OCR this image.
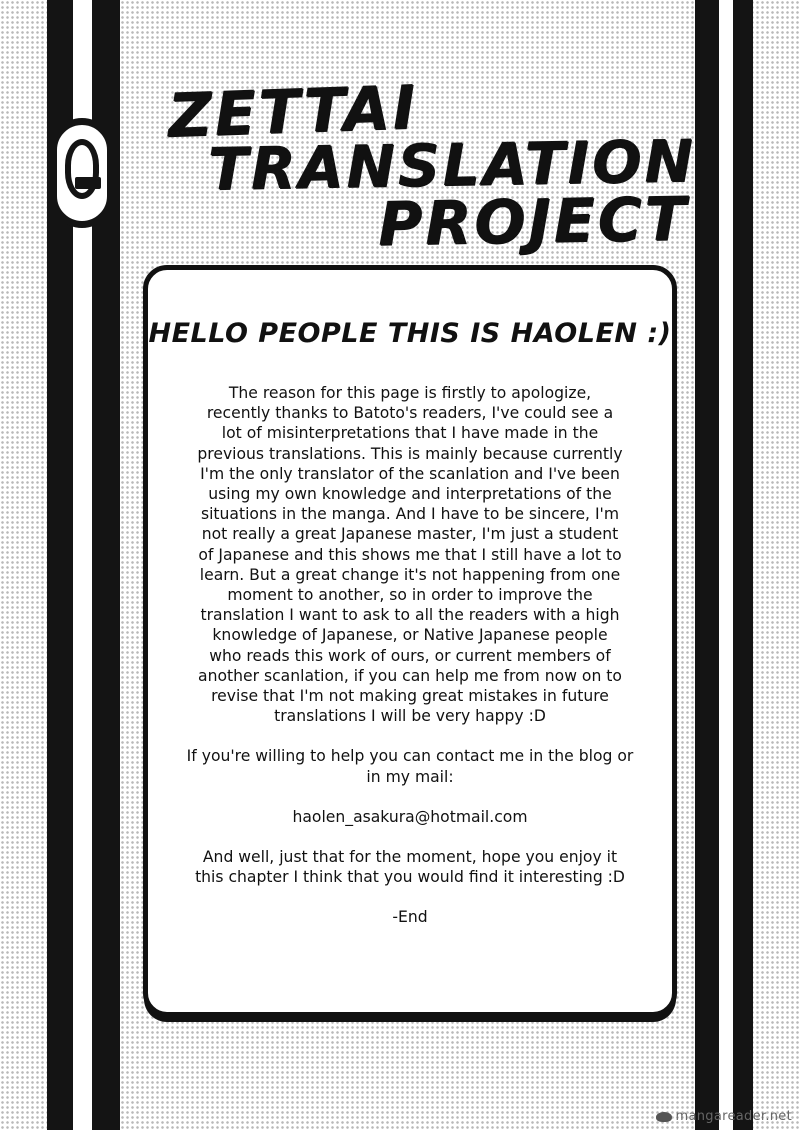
ZETTAI
TRANSLATION
PROJECT
HELLO PEOPLE THIS IS HAOLEN :)

The reason for this page is firstly to apologize,

recently thanks to Batoto's readers, I've could see a

lot of misinterpretations that I have made in the

previous translations. This is mainly because currently

I'm the only translator of the scanlation and I've been

using my own knowledge and interpretations of the

situations in the manga. And I have to be sincere, I'm

not really a great Japanese master, I'm just a student

of Japanese and this shows me that I still have a lot to

learn. But a great change it's not happening from one

moment to another, so in order to improve the

translation I want to ask to all the readers with a high

knowledge of Japanese, or Native Japanese people

who reads this work of ours, or current members of

another scanlation, if you can help me from now on to

revise that I'm not making great mistakes in future

translations I will be very happy :D

If you're willing to help you can contact me in the blog or

in my mail:

haolen_asakura@hotmail.com

And well, just that for the moment, hope you enjoy it

this chapter I think that you would find it interesting :D

-End

mangareader.net
